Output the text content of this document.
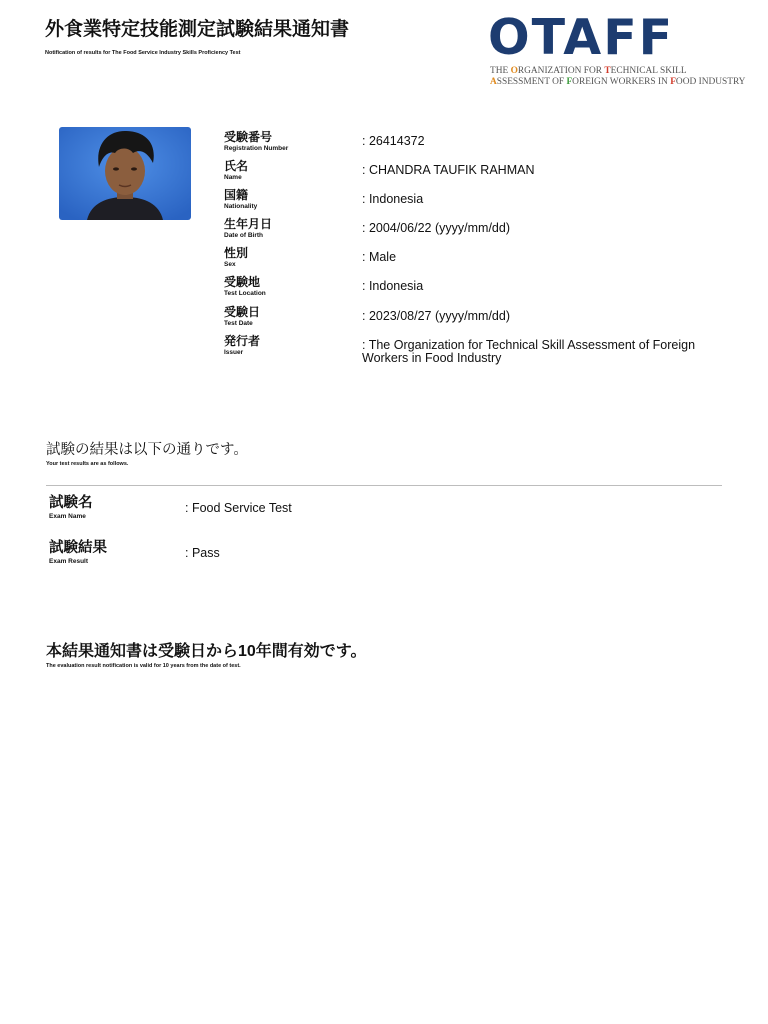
外食業特定技能測定試験結果通知書
Notification of results for The Food Service Industry Skills Proficiency Test	OTAFF
THE ORGANIZATION FOR TECHNICAL SKILL
ASSESSMENT OF FOREIGN WORKERS IN FOOD INDUSTRY
受験番号
Registration Number
: 26414372
氏名
Name
: CHANDRA TAUFIK RAHMAN
国籍
Nationality
: Indonesia
生年月日
Date of Birth
: 2004/06/22 (yyyy/mm/dd)
性別
Sex
: Male
受験地
Test Location
: Indonesia
受験日
Test Date
: 2023/08/27 (yyyy/mm/dd)
発行者
Issuer
: The Organization for Technical Skill Assessment of Foreign Workers in Food Industry
試験の結果は以下の通りです。
Your test results are as follows.
試験名
Exam Name
: Food Service Test
試験結果
Exam Result
: Pass
本結果通知書は受験日から10年間有効です。
The evaluation result notification is valid for 10 years from the date of test.
